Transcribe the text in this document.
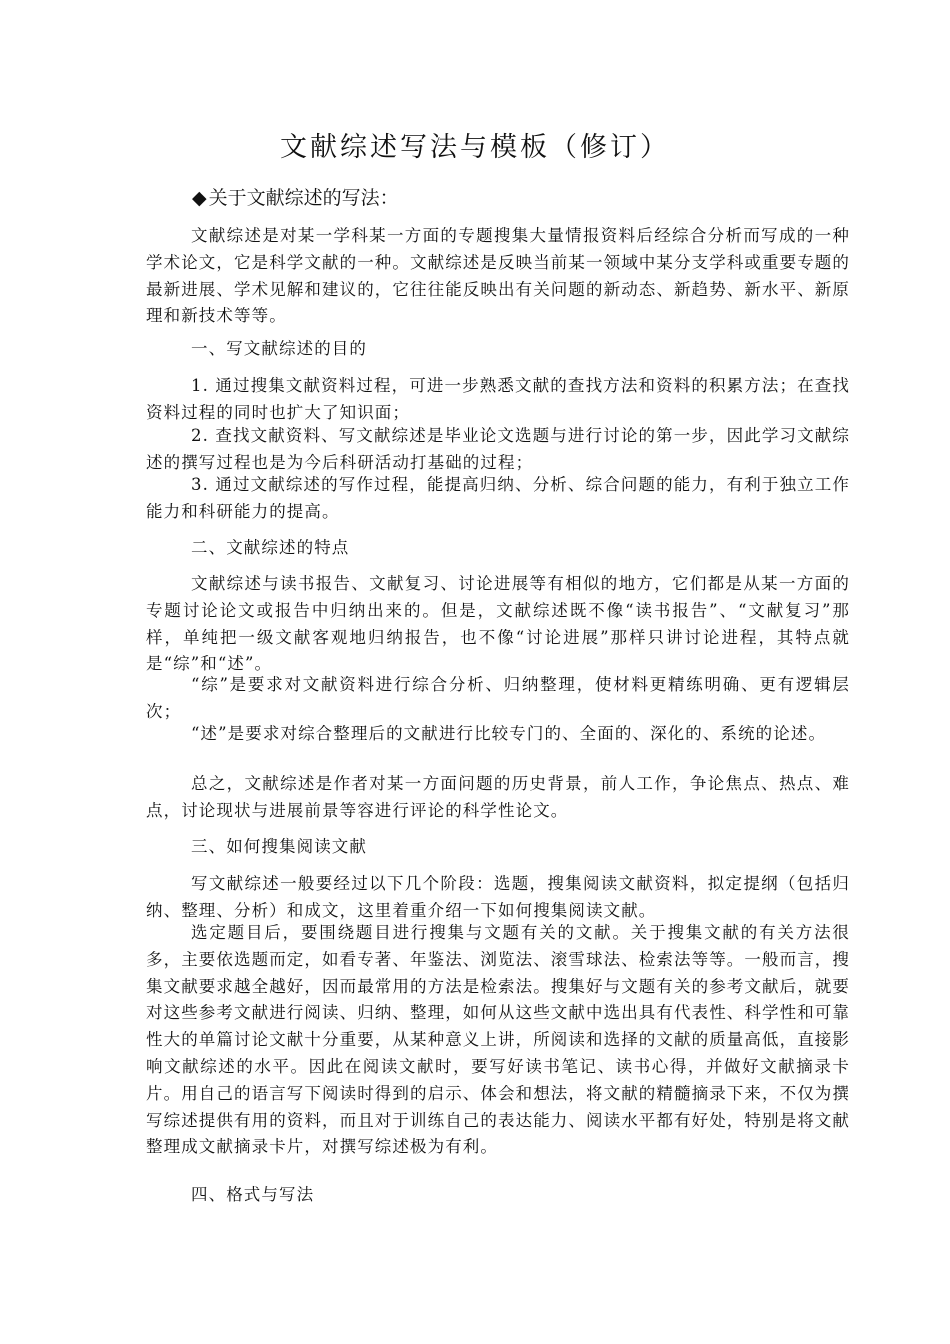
文献综述写法与模板（修订）
◆ 关于文献综述的写法：

文献综述是对某一学科某一方面的专题搜集大量情报资料后经综合分析而写成的一种学术论文，它是科学文献的一种。文献综述是反映当前某一领域中某分支学科或重要专题的最新进展、学术见解和建议的，它往往能反映出有关问题的新动态、新趋势、新水平、新原理和新技术等等。

一、写文献综述的目的

1. 通过搜集文献资料过程，可进一步熟悉文献的查找方法和资料的积累方法；在查找资料过程的同时也扩大了知识面；

2. 查找文献资料、写文献综述是毕业论文选题与进行讨论的第一步，因此学习文献综述的撰写过程也是为今后科研活动打基础的过程；

3. 通过文献综述的写作过程，能提高归纳、分析、综合问题的能力，有利于独立工作能力和科研能力的提高。

二、文献综述的特点

文献综述与读书报告、文献复习、讨论进展等有相似的地方，它们都是从某一方面的专题讨论论文或报告中归纳出来的。但是，文献综述既不像“读书报告”、“文献复习”那样，单纯把一级文献客观地归纳报告，也不像“讨论进展”那样只讲讨论进程，其特点就是“综”和“述”。

“综”是要求对文献资料进行综合分析、归纳整理，使材料更精练明确、更有逻辑层次；

“述”是要求对综合整理后的文献进行比较专门的、全面的、深化的、系统的论述。

总之，文献综述是作者对某一方面问题的历史背景，前人工作，争论焦点、热点、难点，讨论现状与进展前景等容进行评论的科学性论文。

三、如何搜集阅读文献

写文献综述一般要经过以下几个阶段：选题，搜集阅读文献资料，拟定提纲（包括归纳、整理、分析）和成文，这里着重介绍一下如何搜集阅读文献。

选定题目后，要围绕题目进行搜集与文题有关的文献。关于搜集文献的有关方法很多，主要依选题而定，如看专著、年鉴法、浏览法、滚雪球法、检索法等等。一般而言，搜集文献要求越全越好，因而最常用的方法是检索法。搜集好与文题有关的参考文献后，就要对这些参考文献进行阅读、归纳、整理，如何从这些文献中选出具有代表性、科学性和可靠性大的单篇讨论文献十分重要，从某种意义上讲，所阅读和选择的文献的质量高低，直接影响文献综述的水平。因此在阅读文献时，要写好读书笔记、读书心得，并做好文献摘录卡片。用自己的语言写下阅读时得到的启示、体会和想法，将文献的精髓摘录下来，不仅为撰写综述提供有用的资料，而且对于训练自己的表达能力、阅读水平都有好处，特别是将文献整理成文献摘录卡片，对撰写综述极为有利。

四、格式与写法
